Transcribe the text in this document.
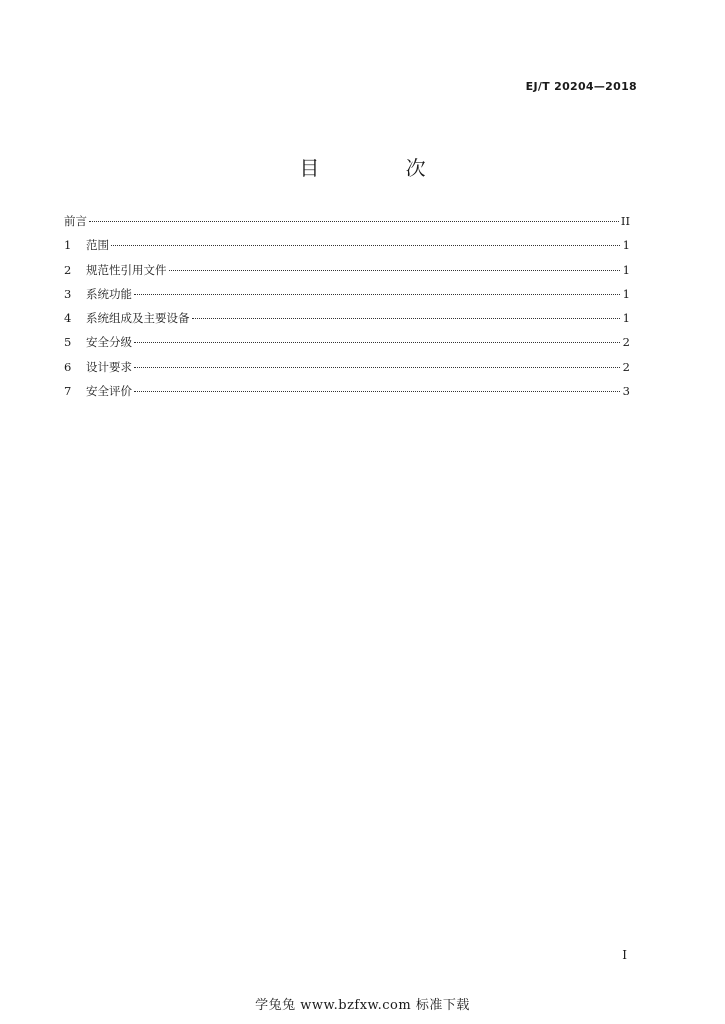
EJ/T 20204—2018
目 次
前言	II
1	范围	1
2	规范性引用文件	1
3	系统功能	1
4	系统组成及主要设备	1
5	安全分级	2
6	设计要求	2
7	安全评价	3
I
学兔兔 www.bzfxw.com 标准下载
